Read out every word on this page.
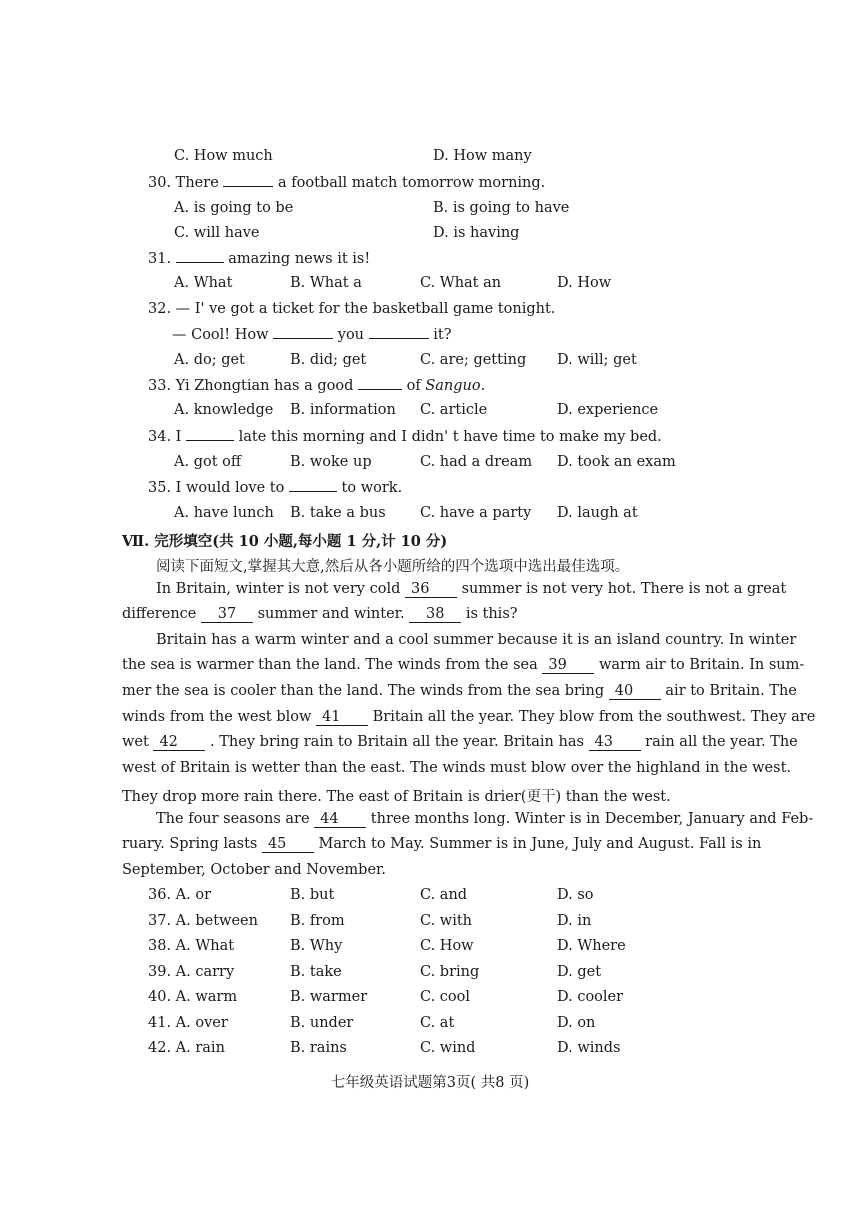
C. How much	D. How many
30. There	a football match tomorrow morning.
A. is going to be	B. is going to have
C. will have	D. is having
31.	amazing news it is!
A. What	B. What a	C. What an	D. How
32. — I' ve got a ticket for the basketball game tonight.
— Cool! How	you	it?
A. do; get	B. did; get	C. are; getting D. will; get
33. Yi Zhongtian has a good	of Sanguo.
A. knowledge B. information C. article	D. experience
34. I	late this morning and I didn' t have time to make my bed.
A. got off	B. woke up	C. had a dream D. took an exam
35. I would love to	to work.
A. have lunch B. take a bus C. have a party D. laugh at
Ⅶ. 完形填空(共 10 小题,每小题 1 分,计 10 分)
阅读下面短文,掌握其大意,然后从各小题所给的四个选项中选出最佳选项。
In Britain, winter is not very cold 36 summer is not very hot. There is not a great
difference 37 summer and winter. 38 is this?
Britain has a warm winter and a cool summer because it is an island country. In winter
the sea is warmer than the land. The winds from the sea 39 warm air to Britain. In sum-
mer the sea is cooler than the land. The winds from the sea bring 40 air to Britain. The
winds from the west blow 41 Britain all the year. They blow from the southwest. They are
wet 42 . They bring rain to Britain all the year. Britain has 43 rain all the year. The
west of Britain is wetter than the east. The winds must blow over the highland in the west.
They drop more rain there. The east of Britain is drier(更干) than the west.
The four seasons are 44 three months long. Winter is in December, January and Feb-
ruary. Spring lasts 45 March to May. Summer is in June, July and August. Fall is in
September, October and November.
36. A. or	B. but	C. and	D. so
37. A. between B. from	C. with	D. in
38. A. What	B. Why	C. How	D. Where
39. A. carry	B. take	C. bring	D. get
40. A. warm	B. warmer	C. cool	D. cooler
41. A. over	B. under	C. at	D. on
42. A. rain	B. rains	C. wind	D. winds
七年级英语试题第3页( 共8 页)
